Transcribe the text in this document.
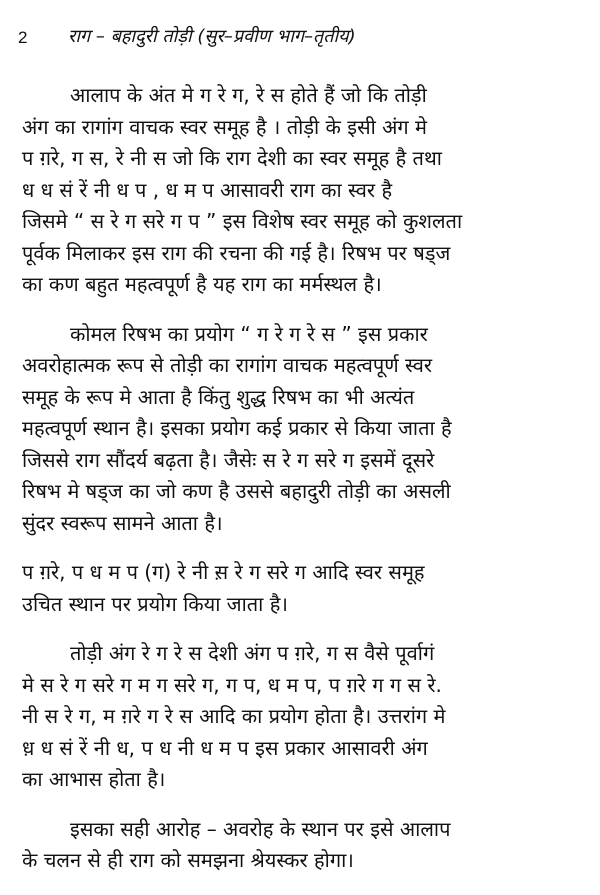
2 राग – बहादुरी तोड़ी (सुर–प्रवीण भाग–तृतीय)
आलाप के अंत मे ग रे ग, रे स होते हैं जो कि तोड़ी
अंग का रागांग वाचक स्वर समूह है । तोड़ी के इसी अंग मे
प ग़रे, ग स, रे नी स जो कि राग देशी का स्वर समूह है तथा
ध ध सं रें नी ध प , ध म प आसावरी राग का स्वर है
जिसमे “ स रे ग सरे ग प ” इस विशेष स्वर समूह को कुशलता
पूर्वक मिलाकर इस राग की रचना की गई है। रिषभ पर षड्ज
का कण बहुत महत्वपूर्ण है यह राग का मर्मस्थल है।
कोमल रिषभ का प्रयोग “ ग रे ग रे स ” इस प्रकार
अवरोहात्मक रूप से तोड़ी का रागांग वाचक महत्वपूर्ण स्वर
समूह के रूप मे आता है किंतु शुद्ध रिषभ का भी अत्यंत
महत्वपूर्ण स्थान है। इसका प्रयोग कई प्रकार से किया जाता है
जिससे राग सौंदर्य बढ़ता है। जैसेः स रे ग सरे ग इसमें दूसरे
रिषभ मे षड्ज का जो कण है उससे बहादुरी तोड़ी का असली
सुंदर स्वरूप सामने आता है।
प ग़रे, प ध म प (ग) रे नी स़ रे ग सरे ग आदि स्वर समूह
उचित स्थान पर प्रयोग किया जाता है।
तोड़ी अंग रे ग रे स देशी अंग प ग़रे, ग स वैसे पूर्वागं
मे स रे ग सरे ग म ग सरे ग, ग प, ध म प, प ग़रे ग ग स रे.
नी स रे ग, म ग़रे ग रे स आदि का प्रयोग होता है। उत्तरांग मे
ध़ ध सं रें नी ध, प ध नी ध म प इस प्रकार आसावरी अंग
का आभास होता है।
इसका सही आरोह – अवरोह के स्थान पर इसे आलाप
के चलन से ही राग को समझना श्रेयस्कर होगा।
